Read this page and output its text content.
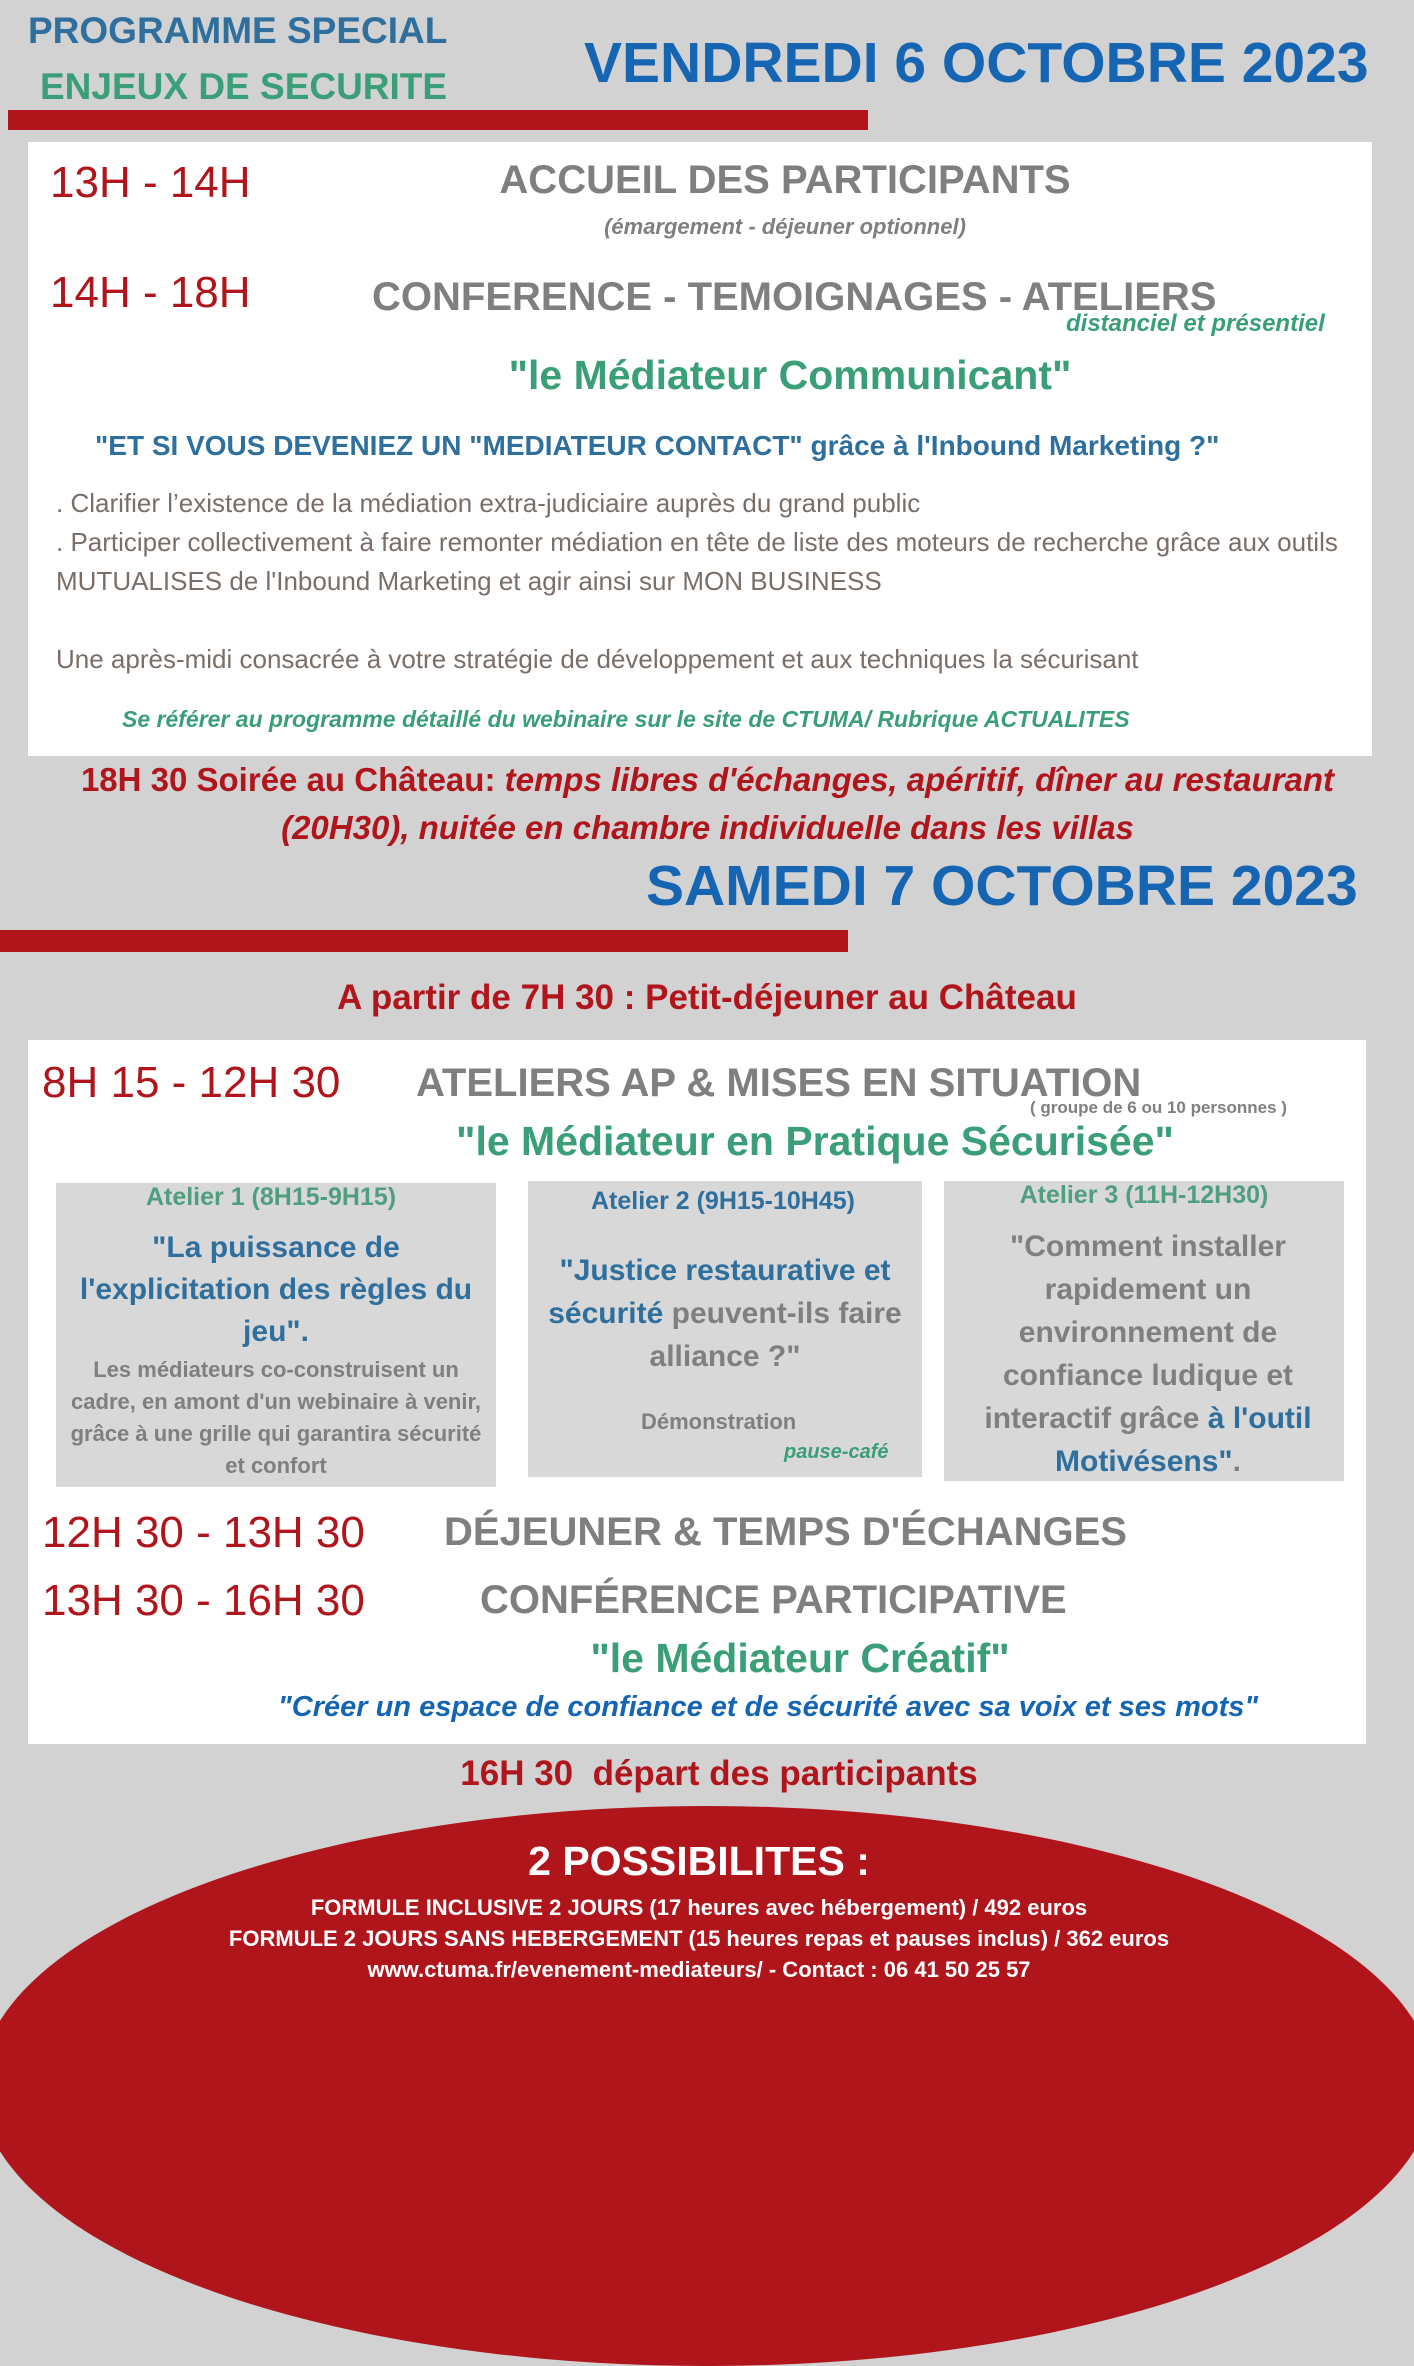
PROGRAMME SPECIAL
ENJEUX DE SECURITE VENDREDI 6 OCTOBRE 2023
13H - 14H	ACCUEIL DES PARTICIPANTS
(émargement - déjeuner optionnel)
14H - 18H	CONFERENCE - TEMOIGNAGES - ATELIERS
distanciel et présentiel
"le Médiateur Communicant"
"ET SI VOUS DEVENIEZ UN "MEDIATEUR CONTACT" grâce à l'Inbound Marketing ?"
. Clarifier l’existence de la médiation extra-judiciaire auprès du grand public
. Participer collectivement à faire remonter médiation en tête de liste des moteurs de recherche grâce aux outils MUTUALISES de l'Inbound Marketing et agir ainsi sur MON BUSINESS
Une après-midi consacrée à votre stratégie de développement et aux techniques la sécurisant
Se référer au programme détaillé du webinaire sur le site de CTUMA/ Rubrique ACTUALITES
18H 30 Soirée au Château: temps libres d'échanges, apéritif, dîner au restaurant (20H30), nuitée en chambre individuelle dans les villas
SAMEDI 7 OCTOBRE 2023
A partir de 7H 30 : Petit-déjeuner au Château
8H 15 - 12H 30 ATELIERS AP & MISES EN SITUATION
( groupe de 6 ou 10 personnes )
"le Médiateur en Pratique Sécurisée"
Atelier 1 (8H15-9H15)
"La puissance de l'explicitation des règles du jeu".
Les médiateurs co-construisent un cadre, en amont d'un webinaire à venir, grâce à une grille qui garantira sécurité et confort
Atelier 2 (9H15-10H45)
"Justice restaurative et sécurité peuvent-ils faire alliance ?"
Démonstration
pause-café
Atelier 3 (11H-12H30)
"Comment installer rapidement un environnement de confiance ludique et interactif grâce à l'outil Motivésens".
12H 30 - 13H 30 DÉJEUNER & TEMPS D'ÉCHANGES
13H 30 - 16H 30	CONFÉRENCE PARTICIPATIVE
"le Médiateur Créatif"
"Créer un espace de confiance et de sécurité avec sa voix et ses mots"
16H 30  départ des participants
2 POSSIBILITES :
FORMULE INCLUSIVE 2 JOURS (17 heures avec hébergement) / 492 euros
FORMULE 2 JOURS SANS HEBERGEMENT (15 heures repas et pauses inclus) / 362 euros
www.ctuma.fr/evenement-mediateurs/ - Contact : 06 41 50 25 57
